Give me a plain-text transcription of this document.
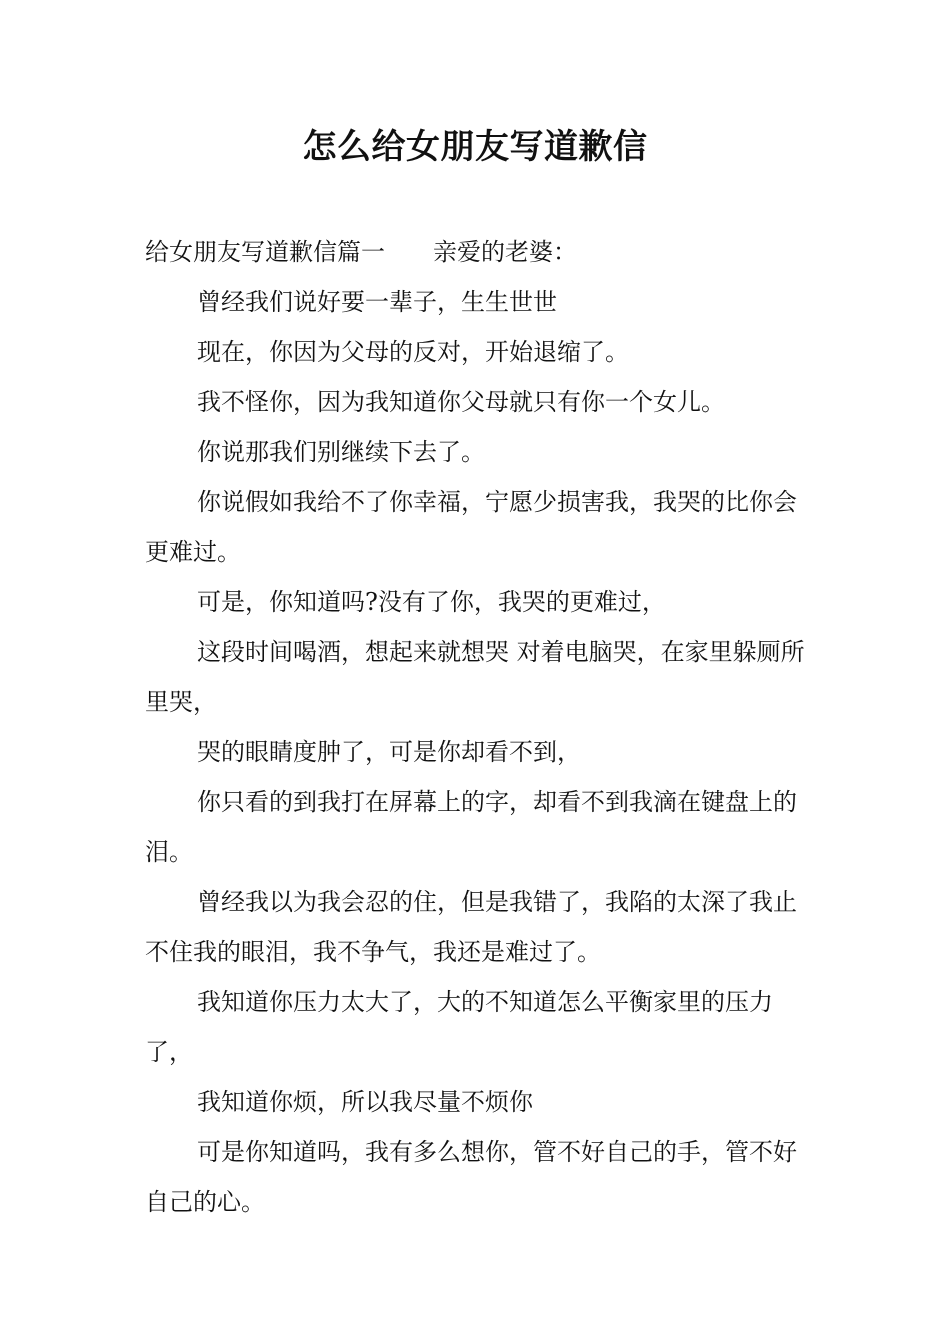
怎么给女朋友写道歉信

给女朋友写道歉信篇一　　亲爱的老婆：

曾经我们说好要一辈子，生生世世

现在，你因为父母的反对，开始退缩了。

我不怪你，因为我知道你父母就只有你一个女儿。

你说那我们别继续下去了。

你说假如我给不了你幸福，宁愿少损害我，我哭的比你会更难过。

可是，你知道吗?没有了你，我哭的更难过，

这段时间喝酒，想起来就想哭 对着电脑哭，在家里躲厕所里哭，

哭的眼睛度肿了，可是你却看不到，

你只看的到我打在屏幕上的字，却看不到我滴在键盘上的泪。

曾经我以为我会忍的住，但是我错了，我陷的太深了我止不住我的眼泪，我不争气，我还是难过了。

我知道你压力太大了，大的不知道怎么平衡家里的压力了，

我知道你烦，所以我尽量不烦你

可是你知道吗，我有多么想你，管不好自己的手，管不好自己的心。
